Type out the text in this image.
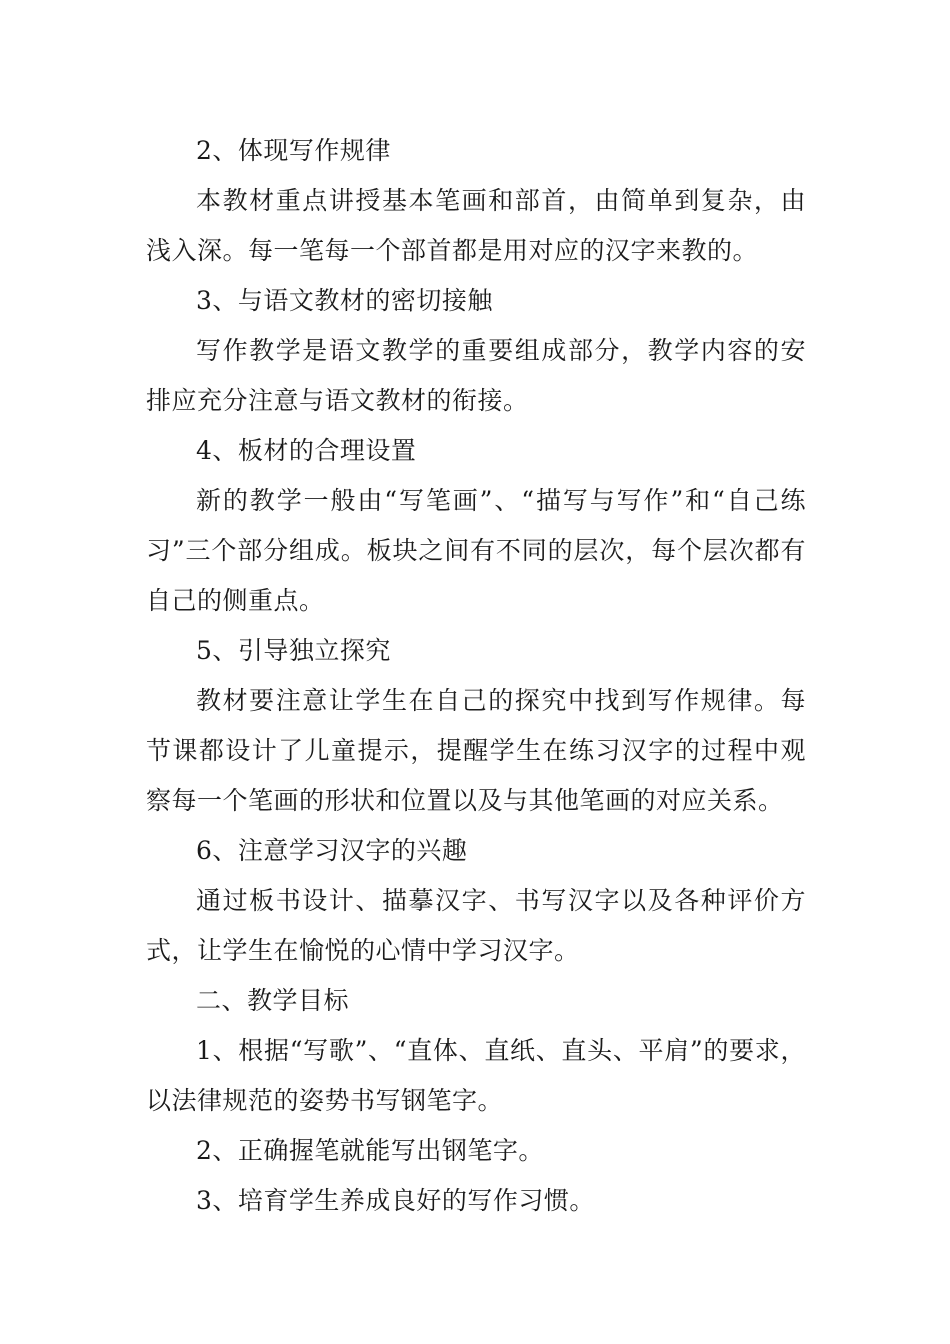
2、体现写作规律

本教材重点讲授基本笔画和部首，由简单到复杂，由浅入深。每一笔每一个部首都是用对应的汉字来教的。

3、与语文教材的密切接触

写作教学是语文教学的重要组成部分，教学内容的安排应充分注意与语文教材的衔接。

4、板材的合理设置

新的教学一般由“写笔画”、“描写与写作”和“自己练习”三个部分组成。板块之间有不同的层次，每个层次都有自己的侧重点。

5、引导独立探究

教材要注意让学生在自己的探究中找到写作规律。每节课都设计了儿童提示，提醒学生在练习汉字的过程中观察每一个笔画的形状和位置以及与其他笔画的对应关系。

6、注意学习汉字的兴趣

通过板书设计、描摹汉字、书写汉字以及各种评价方式，让学生在愉悦的心情中学习汉字。

二、教学目标

1、根据“写歌”、“直体、直纸、直头、平肩”的要求，以法律规范的姿势书写钢笔字。

2、正确握笔就能写出钢笔字。

3、培育学生养成良好的写作习惯。
